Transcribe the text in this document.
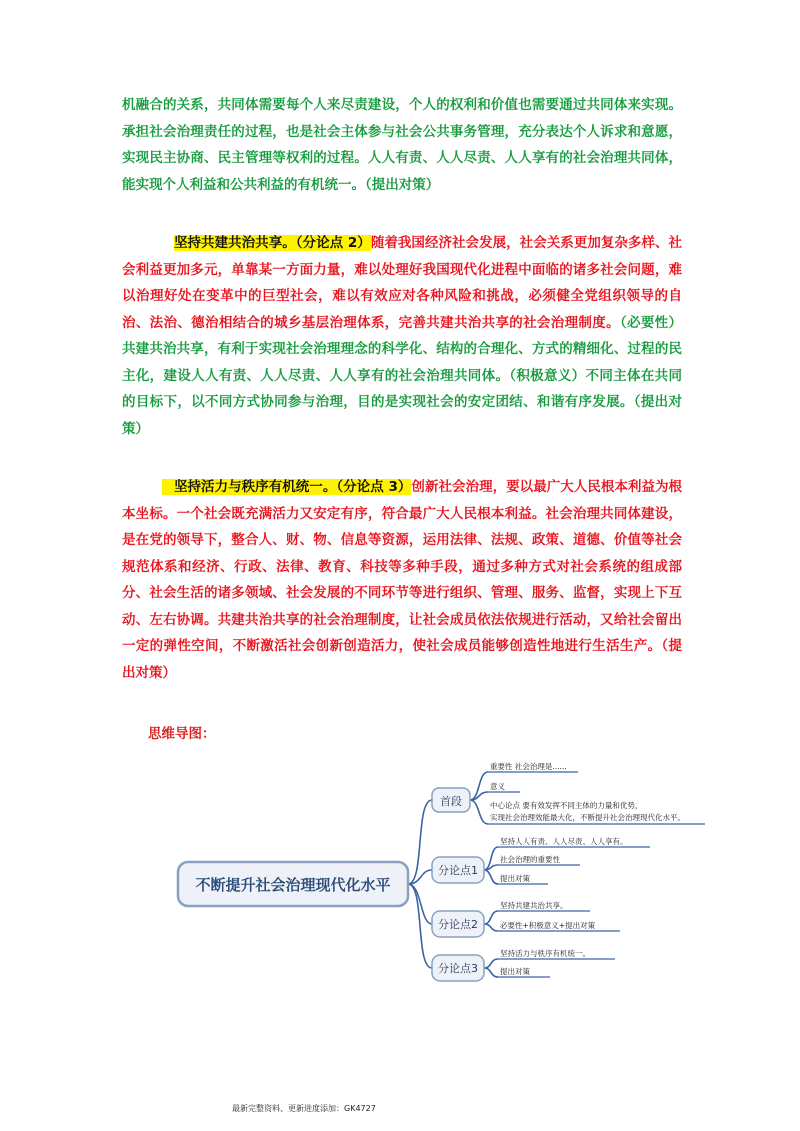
机融合的关系，共同体需要每个人来尽责建设，个人的权利和价值也需要通过共同体来实现。承担社会治理责任的过程，也是社会主体参与社会公共事务管理，充分表达个人诉求和意愿，实现民主协商、民主管理等权利的过程。人人有责、人人尽责、人人享有的社会治理共同体，能实现个人利益和公共利益的有机统一。（提出对策）
坚持共建共治共享。（分论点 2）随着我国经济社会发展，社会关系更加复杂多样、社会利益更加多元，单靠某一方面力量，难以处理好我国现代化进程中面临的诸多社会问题，难以治理好处在变革中的巨型社会，难以有效应对各种风险和挑战，必须健全党组织领导的自治、法治、德治相结合的城乡基层治理体系，完善共建共治共享的社会治理制度。（必要性）共建共治共享，有利于实现社会治理理念的科学化、结构的合理化、方式的精细化、过程的民主化，建设人人有责、人人尽责、人人享有的社会治理共同体。（积极意义）不同主体在共同的目标下，以不同方式协同参与治理，目的是实现社会的安定团结、和谐有序发展。（提出对策）
坚持活力与秩序有机统一。（分论点 3）创新社会治理，要以最广大人民根本利益为根本坐标。一个社会既充满活力又安定有序，符合最广大人民根本利益。社会治理共同体建设，是在党的领导下，整合人、财、物、信息等资源，运用法律、法规、政策、道德、价值等社会规范体系和经济、行政、法律、教育、科技等多种手段，通过多种方式对社会系统的组成部分、社会生活的诸多领域、社会发展的不同环节等进行组织、管理、服务、监督，实现上下互动、左右协调。共建共治共享的社会治理制度，让社会成员依法依规进行活动，又给社会留出一定的弹性空间，不断激活社会创新创造活力，使社会成员能够创造性地进行生活生产。（提出对策）
思维导图：
不断提升社会治理现代化水平
首段
分论点1
分论点2
分论点3
重要性 社会治理是......
意义
中心论点 要有效发挥不同主体的力量和优势，
实现社会治理效能最大化，不断提升社会治理现代化水平。
坚持人人有责、人人尽责、人人享有。
社会治理的重要性
提出对策
坚持共建共治共享。
必要性+积极意义+提出对策
坚持活力与秩序有机统一。
提出对策
最新完整资料、更新进度添加：GK4727
